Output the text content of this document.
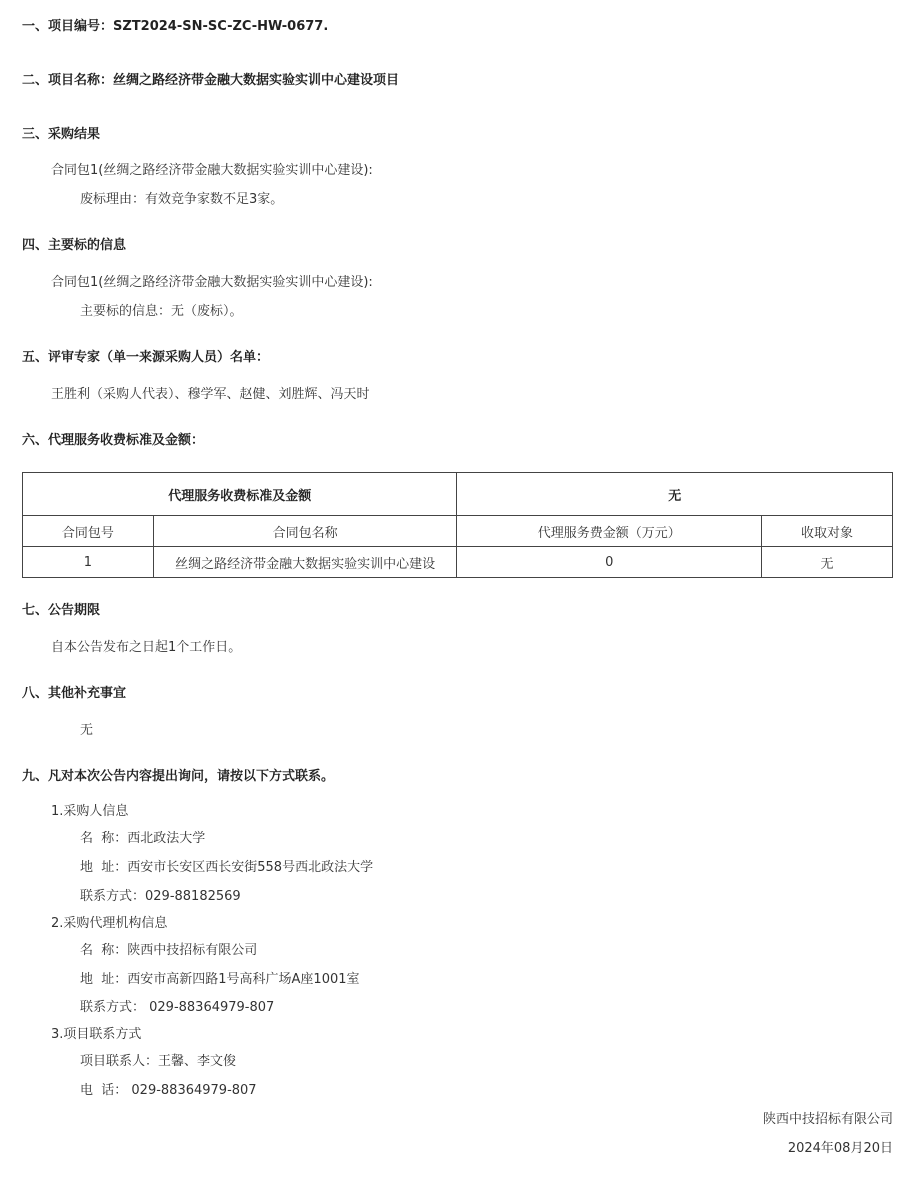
一、项目编号：SZT2024-SN-SC-ZC-HW-0677.
二、项目名称：丝绸之路经济带金融大数据实验实训中心建设项目
三、采购结果
合同包1(丝绸之路经济带金融大数据实验实训中心建设):
废标理由：有效竞争家数不足3家。
四、主要标的信息
合同包1(丝绸之路经济带金融大数据实验实训中心建设):
主要标的信息：无（废标）。
五、评审专家（单一来源采购人员）名单：
王胜利（采购人代表）、穆学军、赵健、刘胜辉、冯天时
六、代理服务收费标准及金额：
代理服务收费标准及金额		无	
合同包号	合同包名称	代理服务费金额（万元）	收取对象
1	丝绸之路经济带金融大数据实验实训中心建设	0	无
七、公告期限
自本公告发布之日起1个工作日。
八、其他补充事宜
无
九、凡对本次公告内容提出询问，请按以下方式联系。
1.采购人信息
名  称：西北政法大学
地  址：西安市长安区西长安街558号西北政法大学
联系方式：029-88182569
2.采购代理机构信息
名  称：陕西中技招标有限公司
地  址：西安市高新四路1号高科广场A座1001室
联系方式： 029-88364979-807
3.项目联系方式
项目联系人：王馨、李文俊
电  话： 029-88364979-807
陕西中技招标有限公司
2024年08月20日
